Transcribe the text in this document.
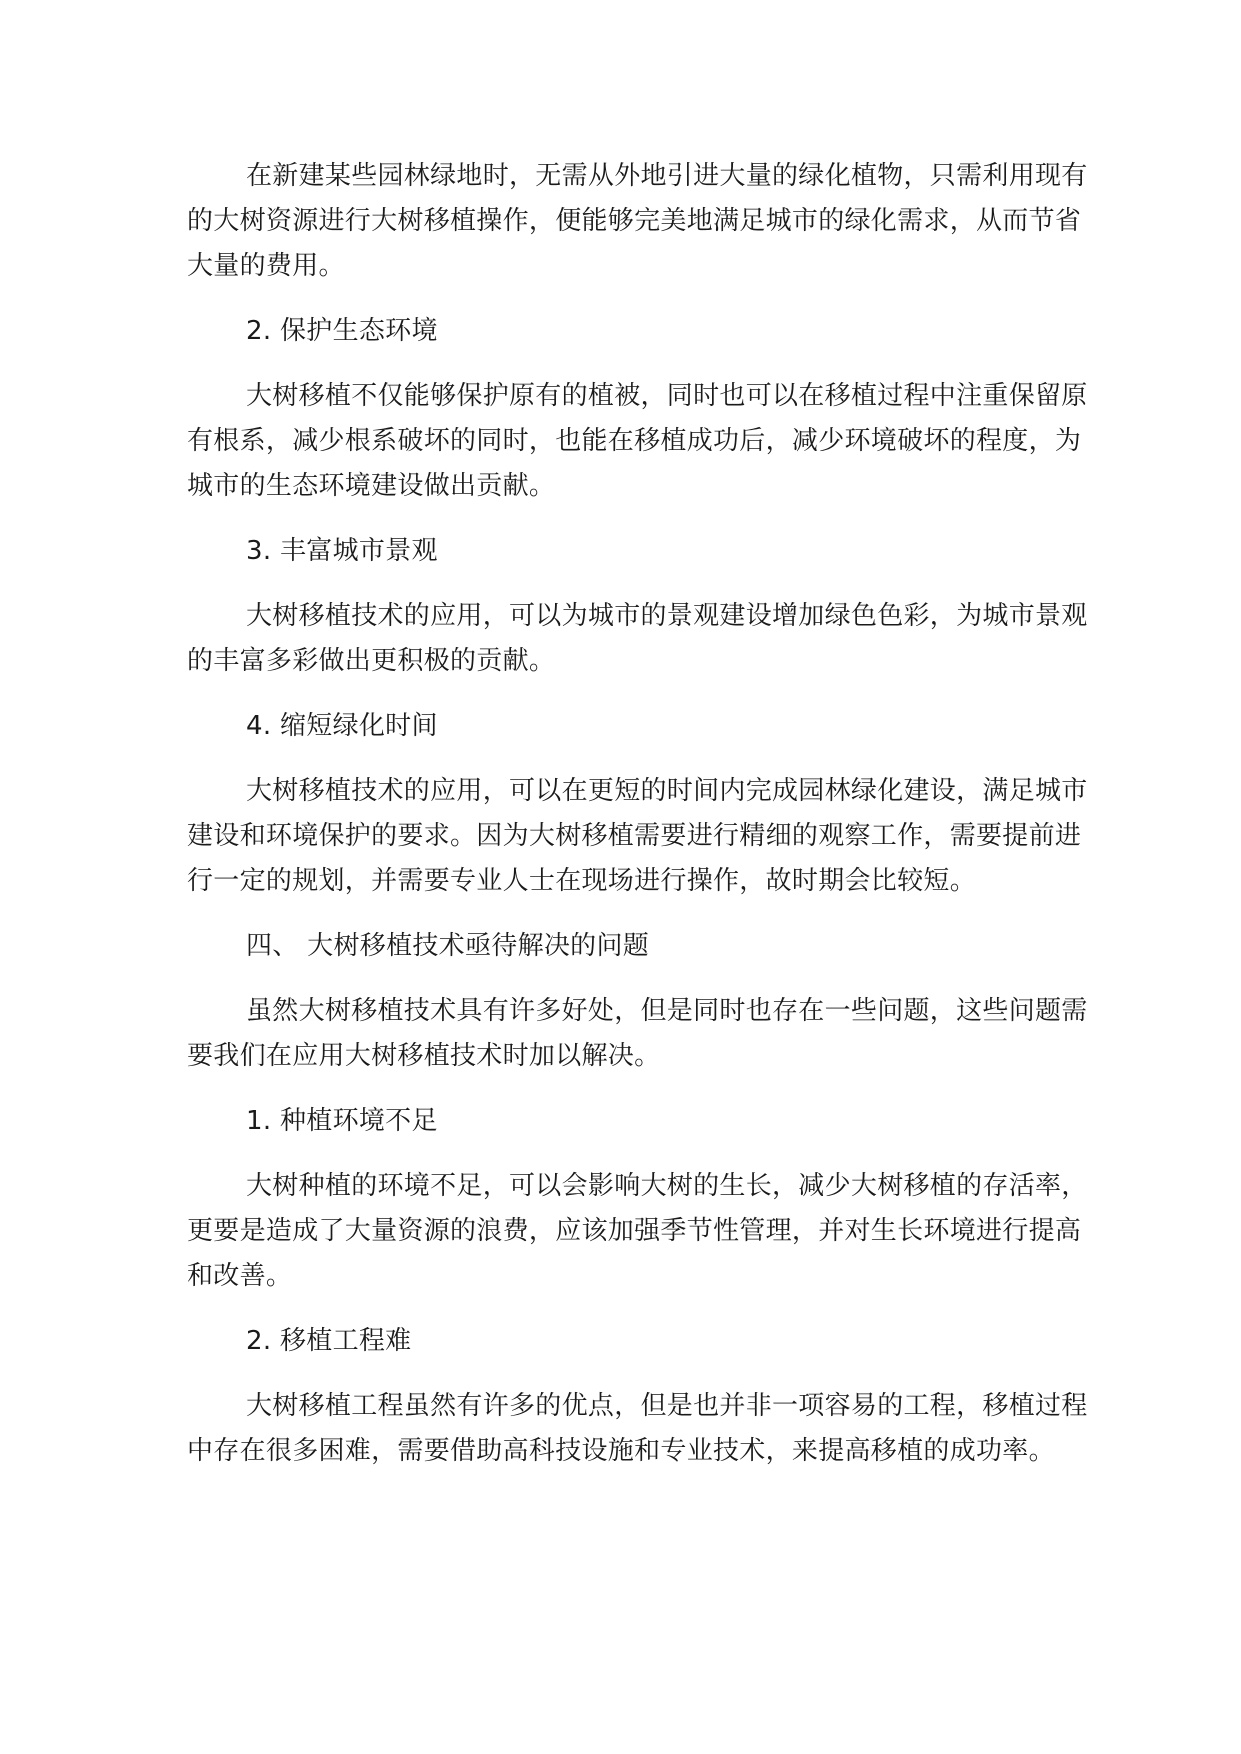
在新建某些园林绿地时，无需从外地引进大量的绿化植物，只需利用现有的大树资源进行大树移植操作，便能够完美地满足城市的绿化需求，从而节省大量的费用。

2. 保护生态环境

大树移植不仅能够保护原有的植被，同时也可以在移植过程中注重保留原有根系，减少根系破坏的同时，也能在移植成功后，减少环境破坏的程度，为城市的生态环境建设做出贡献。

3. 丰富城市景观

大树移植技术的应用，可以为城市的景观建设增加绿色色彩，为城市景观的丰富多彩做出更积极的贡献。

4. 缩短绿化时间

大树移植技术的应用，可以在更短的时间内完成园林绿化建设，满足城市建设和环境保护的要求。因为大树移植需要进行精细的观察工作，需要提前进行一定的规划，并需要专业人士在现场进行操作，故时期会比较短。

四、 大树移植技术亟待解决的问题

虽然大树移植技术具有许多好处，但是同时也存在一些问题，这些问题需要我们在应用大树移植技术时加以解决。

1. 种植环境不足

大树种植的环境不足，可以会影响大树的生长，减少大树移植的存活率，更要是造成了大量资源的浪费，应该加强季节性管理，并对生长环境进行提高和改善。

2. 移植工程难

大树移植工程虽然有许多的优点，但是也并非一项容易的工程，移植过程中存在很多困难，需要借助高科技设施和专业技术，来提高移植的成功率。
